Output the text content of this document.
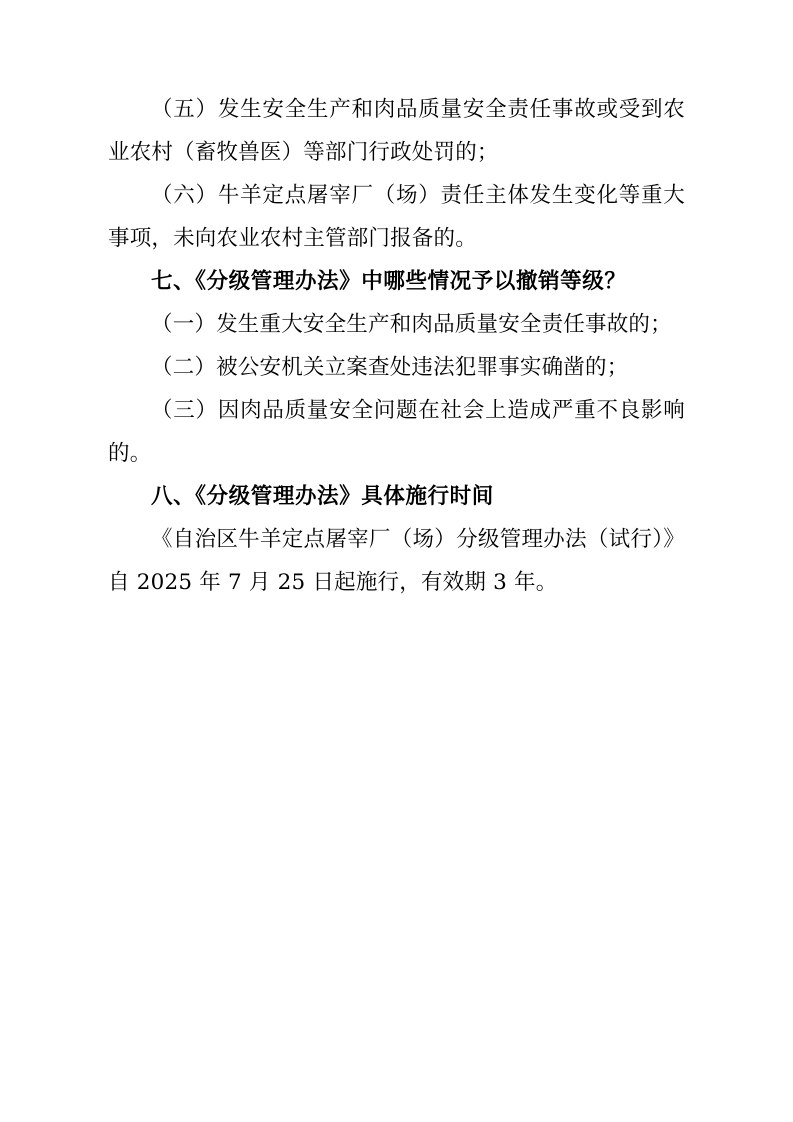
（五）发生安全生产和肉品质量安全责任事故或受到农业农村（畜牧兽医）等部门行政处罚的；

（六）牛羊定点屠宰厂（场）责任主体发生变化等重大事项，未向农业农村主管部门报备的。

七、《分级管理办法》中哪些情况予以撤销等级？

（一）发生重大安全生产和肉品质量安全责任事故的；

（二）被公安机关立案查处违法犯罪事实确凿的；

（三）因肉品质量安全问题在社会上造成严重不良影响的。

八、《分级管理办法》具体施行时间

《自治区牛羊定点屠宰厂（场）分级管理办法（试行）》自 2025 年 7 月 25 日起施行，有效期 3 年。
